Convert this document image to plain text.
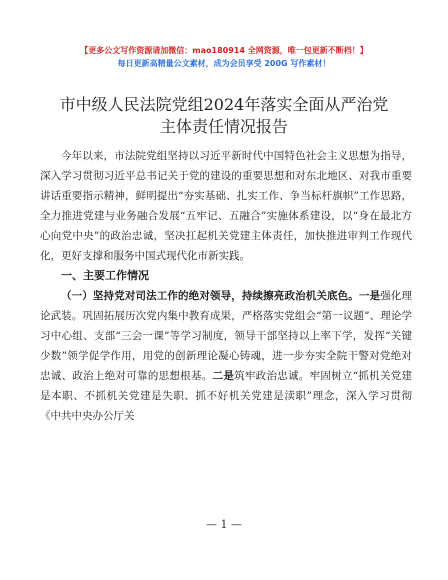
【更多公文写作资源请加微信：mao180914 全网资源，唯一包更新不断档！】
每日更新高精量公文素材，成为会员享受 200G 写作素材！
市中级人民法院党组2024年落实全面从严治党
主体责任情况报告

今年以来，市法院党组坚持以习近平新时代中国特色社会主义思想为指导，深入学习贯彻习近平总书记关于党的建设的重要思想和对东北地区、对我市重要讲话重要指示精神，鲜明提出“夯实基础、扎实工作、争当标杆旗帜”工作思路，全力推进党建与业务融合发展“五牢记、五融合”实施体系建设，以“身在最北方心向党中央”的政治忠诚，坚决扛起机关党建主体责任，加快推进审判工作现代化，更好支撑和服务中国式现代化市新实践。

一、主要工作情况

（一）坚持党对司法工作的绝对领导，持续擦亮政治机关底色。一是强化理论武装。巩固拓展历次党内集中教育成果，严格落实党组会“第一议题”、理论学习中心组、支部“三会一课”等学习制度，领导干部坚持以上率下学，发挥“关键少数”领学促学作用，用党的创新理论凝心铸魂，进一步夯实全院干警对党绝对忠诚、政治上绝对可靠的思想根基。二是筑牢政治忠诚。牢固树立“抓机关党建是本职、不抓机关党建是失职、抓不好机关党建是渎职”理念，深入学习贯彻《中共中央办公厅关

— 1 —
